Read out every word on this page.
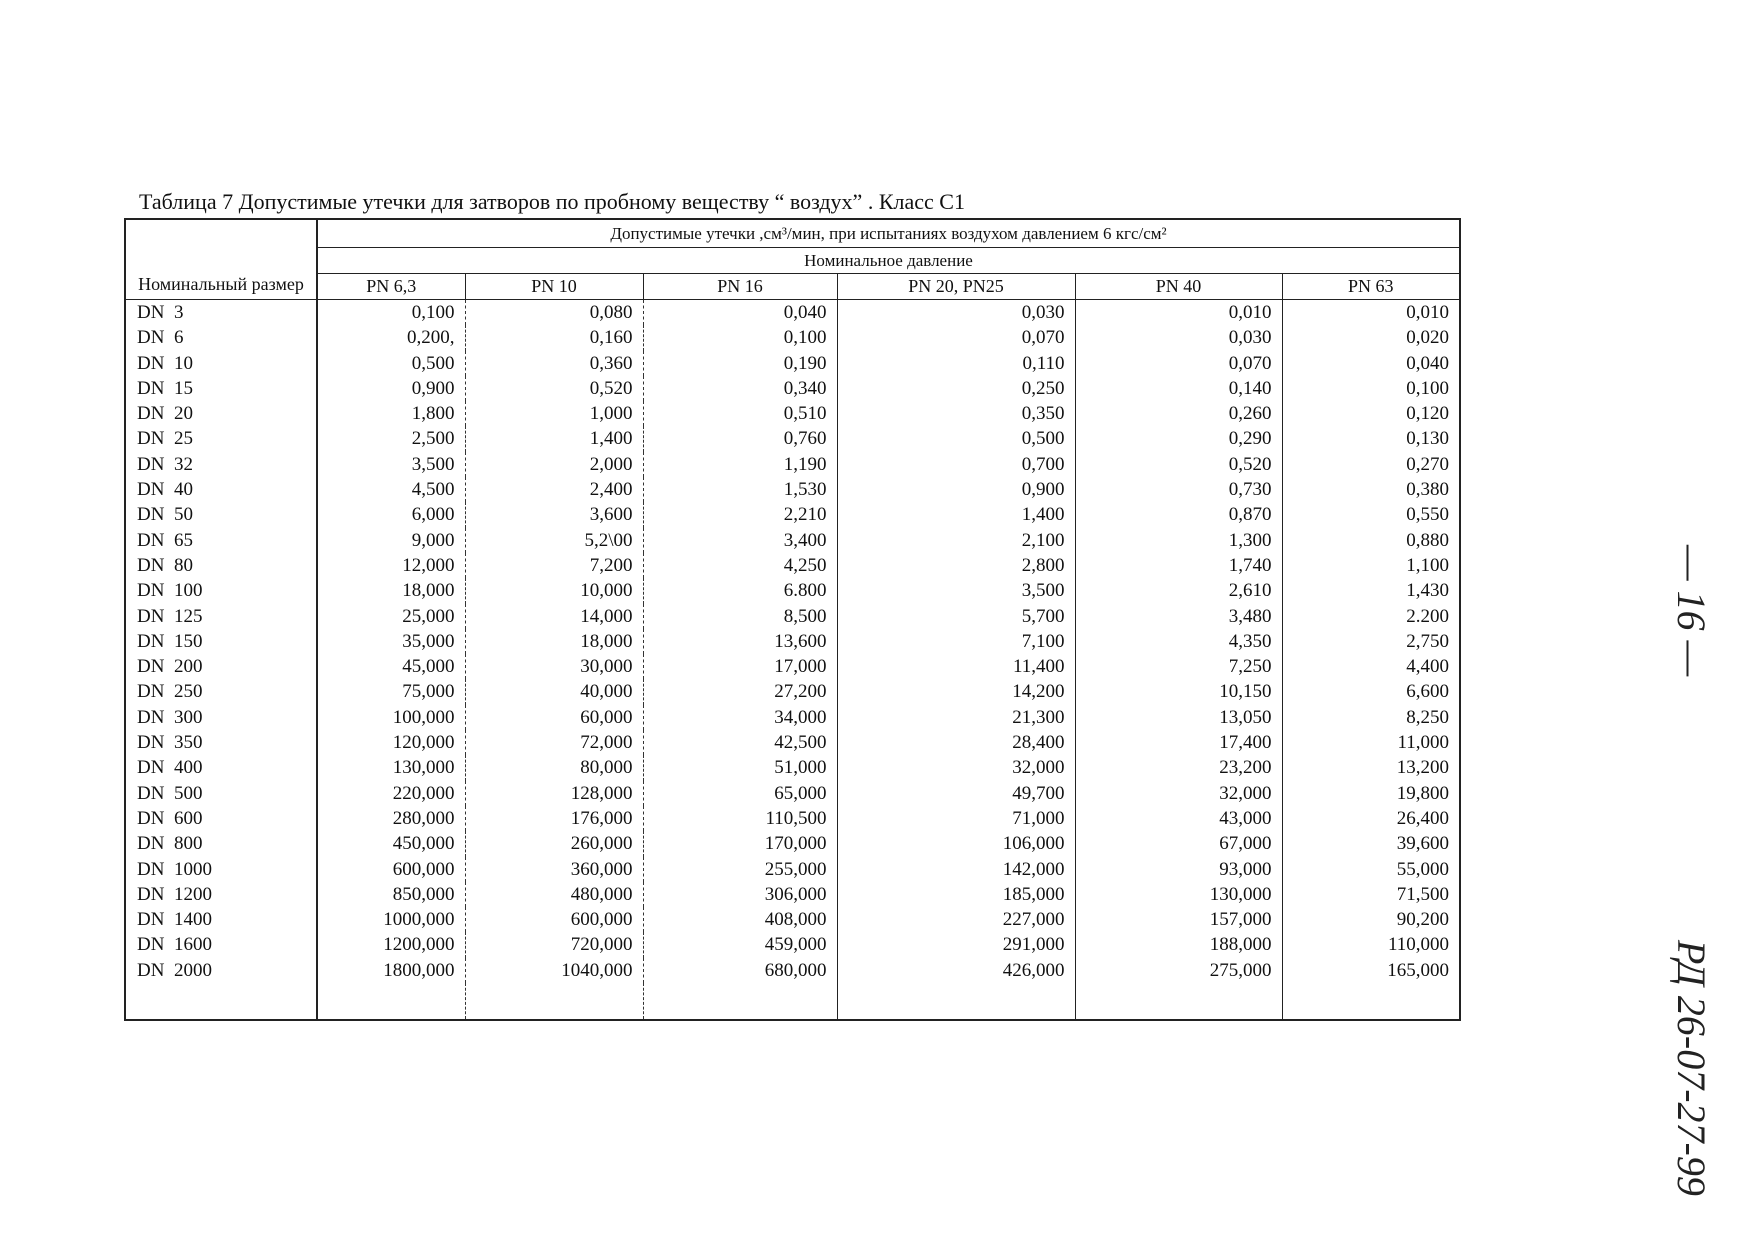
Таблица 7 Допустимые утечки для затворов по пробному веществу “ воздух” . Класс С1
Номинальный размер	Допустимые утечки ,см³/мин, при испытаниях воздухом давлением 6 кгс/см²					
	Номинальное давление					
	PN 6,3	PN 10	PN 16	PN 20, PN25	PN 40	PN 63
DN  3	0,100	0,080	0,040	0,030	0,010	0,010
DN  6	0,200,	0,160	0,100	0,070	0,030	0,020
DN  10	0,500	0,360	0,190	0,110	0,070	0,040
DN  15	0,900	0,520	0,340	0,250	0,140	0,100
DN  20	1,800	1,000	0,510	0,350	0,260	0,120
DN  25	2,500	1,400	0,760	0,500	0,290	0,130
DN  32	3,500	2,000	1,190	0,700	0,520	0,270
DN  40	4,500	2,400	1,530	0,900	0,730	0,380
DN  50	6,000	3,600	2,210	1,400	0,870	0,550
DN  65	9,000	5,2\00	3,400	2,100	1,300	0,880
DN  80	12,000	7,200	4,250	2,800	1,740	1,100
DN  100	18,000	10,000	6.800	3,500	2,610	1,430
DN  125	25,000	14,000	8,500	5,700	3,480	2.200
DN  150	35,000	18,000	13,600	7,100	4,350	2,750
DN  200	45,000	30,000	17,000	11,400	7,250	4,400
DN  250	75,000	40,000	27,200	14,200	10,150	6,600
DN  300	100,000	60,000	34,000	21,300	13,050	8,250
DN  350	120,000	72,000	42,500	28,400	17,400	11,000
DN  400	130,000	80,000	51,000	32,000	23,200	13,200
DN  500	220,000	128,000	65,000	49,700	32,000	19,800
DN  600	280,000	176,000	110,500	71,000	43,000	26,400
DN  800	450,000	260,000	170,000	106,000	67,000	39,600
DN  1000	600,000	360,000	255,000	142,000	93,000	55,000
DN  1200	850,000	480,000	306,000	185,000	130,000	71,500
DN  1400	1000,000	600,000	408,000	227,000	157,000	90,200
DN  1600	1200,000	720,000	459,000	291,000	188,000	110,000
DN  2000	1800,000	1040,000	680,000	426,000	275,000	165,000

— 16 —
РД 26-07-27-99
